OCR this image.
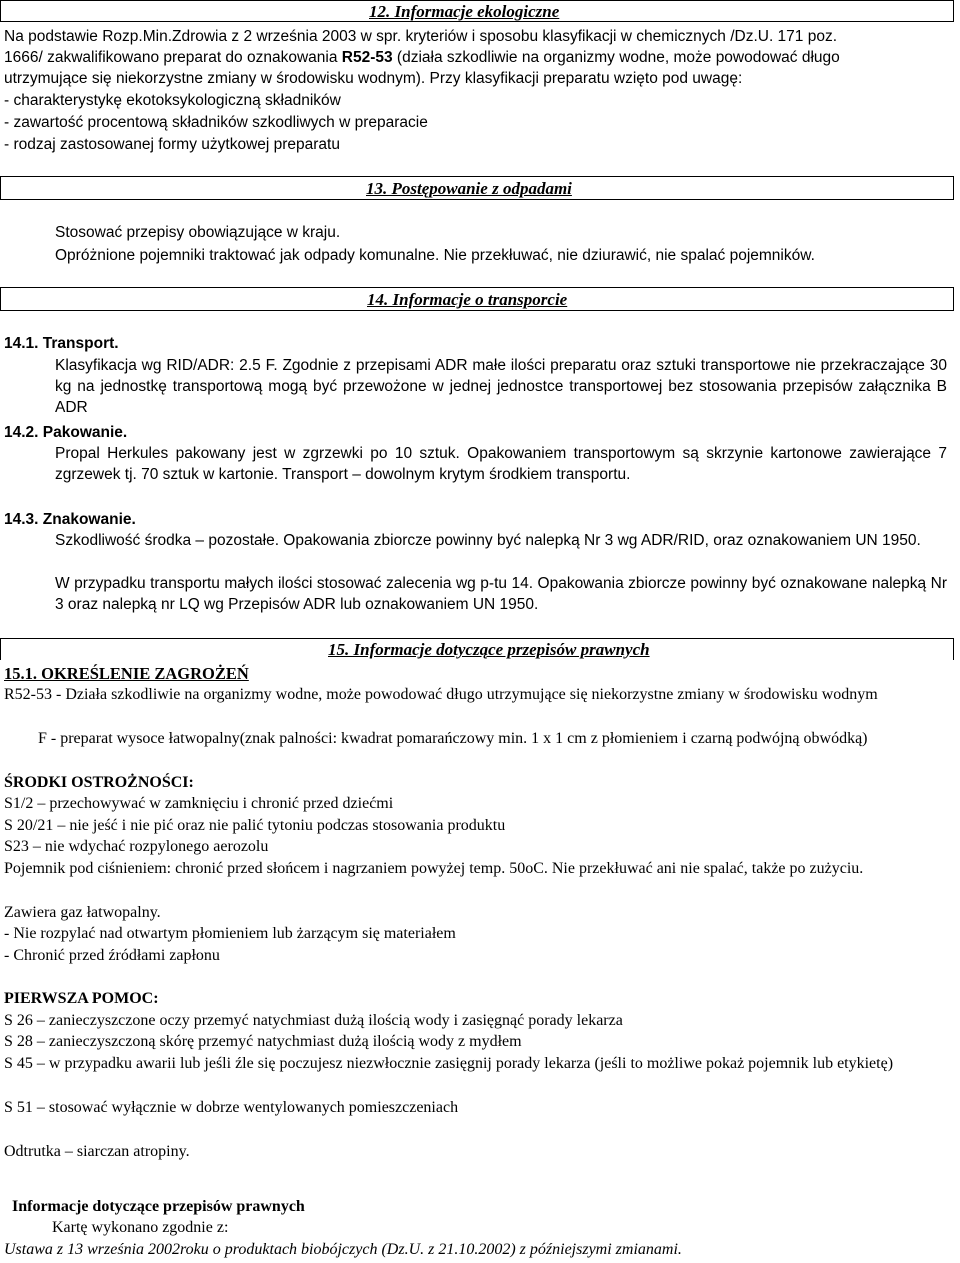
12. Informacje ekologiczne
Na podstawie Rozp.Min.Zdrowia z 2 września 2003 w spr. kryteriów i sposobu klasyfikacji w chemicznych /Dz.U. 171 poz.
1666/ zakwalifikowano preparat do oznakowania R52-53 (działa szkodliwie na organizmy wodne, może powodować długo
utrzymujące się niekorzystne zmiany w środowisku wodnym). Przy klasyfikacji preparatu wzięto pod uwagę:
- charakterystykę ekotoksykologiczną składników
- zawartość procentową składników szkodliwych w preparacie
- rodzaj zastosowanej formy użytkowej preparatu
13. Postępowanie z odpadami
Stosować przepisy obowiązujące w kraju.
Opróżnione pojemniki traktować jak odpady komunalne. Nie przekłuwać, nie dziurawić, nie spalać pojemników.
14. Informacje o transporcie
14.1. Transport.
Klasyfikacja wg RID/ADR: 2.5 F. Zgodnie z przepisami ADR małe ilości preparatu oraz sztuki transportowe nie przekraczające 30 kg na jednostkę transportową mogą być przewożone w jednej jednostce transportowej bez stosowania przepisów załącznika B ADR
14.2. Pakowanie.
Propal Herkules pakowany jest w zgrzewki po 10 sztuk. Opakowaniem transportowym są skrzynie kartonowe zawierające 7 zgrzewek tj. 70 sztuk w kartonie. Transport – dowolnym krytym środkiem transportu.
14.3. Znakowanie.
Szkodliwość środka – pozostałe. Opakowania zbiorcze powinny być nalepką Nr 3 wg ADR/RID, oraz oznakowaniem UN 1950.
W przypadku transportu małych ilości stosować zalecenia wg p-tu 14. Opakowania zbiorcze powinny być oznakowane nalepką Nr 3 oraz nalepką nr LQ wg Przepisów ADR lub oznakowaniem UN 1950.
15. Informacje dotyczące przepisów prawnych
15.1. OKREŚLENIE ZAGROŻEŃ
R52-53 - Działa szkodliwie na organizmy wodne, może powodować długo utrzymujące się niekorzystne zmiany w środowisku wodnym
F - preparat wysoce łatwopalny(znak palności: kwadrat pomarańczowy min. 1 x 1 cm z płomieniem i czarną podwójną obwódką)
ŚRODKI OSTROŻNOŚCI:
S1/2 – przechowywać w zamknięciu i chronić przed dziećmi
S 20/21 – nie jeść i nie pić oraz nie palić tytoniu podczas stosowania produktu
S23 – nie wdychać rozpylonego aerozolu
Pojemnik pod ciśnieniem: chronić przed słońcem i nagrzaniem powyżej temp. 50oC. Nie przekłuwać ani nie spalać, także po zużyciu.
Zawiera gaz łatwopalny.
- Nie rozpylać nad otwartym płomieniem lub żarzącym się materiałem
- Chronić przed źródłami zapłonu
PIERWSZA POMOC:
S 26 – zanieczyszczone oczy przemyć natychmiast dużą ilością wody i zasięgnąć porady lekarza
S 28 – zanieczyszczoną skórę przemyć natychmiast dużą ilością wody z mydłem
S 45 – w przypadku awarii lub jeśli źle się poczujesz niezwłocznie zasięgnij porady lekarza (jeśli to możliwe pokaż pojemnik lub etykietę)
S 51 – stosować wyłącznie w dobrze wentylowanych pomieszczeniach
Odtrutka – siarczan atropiny.
Informacje dotyczące przepisów prawnych
Kartę wykonano zgodnie z:
Ustawa z 13 września 2002roku o produktach biobójczych (Dz.U. z 21.10.2002) z późniejszymi zmianami.
